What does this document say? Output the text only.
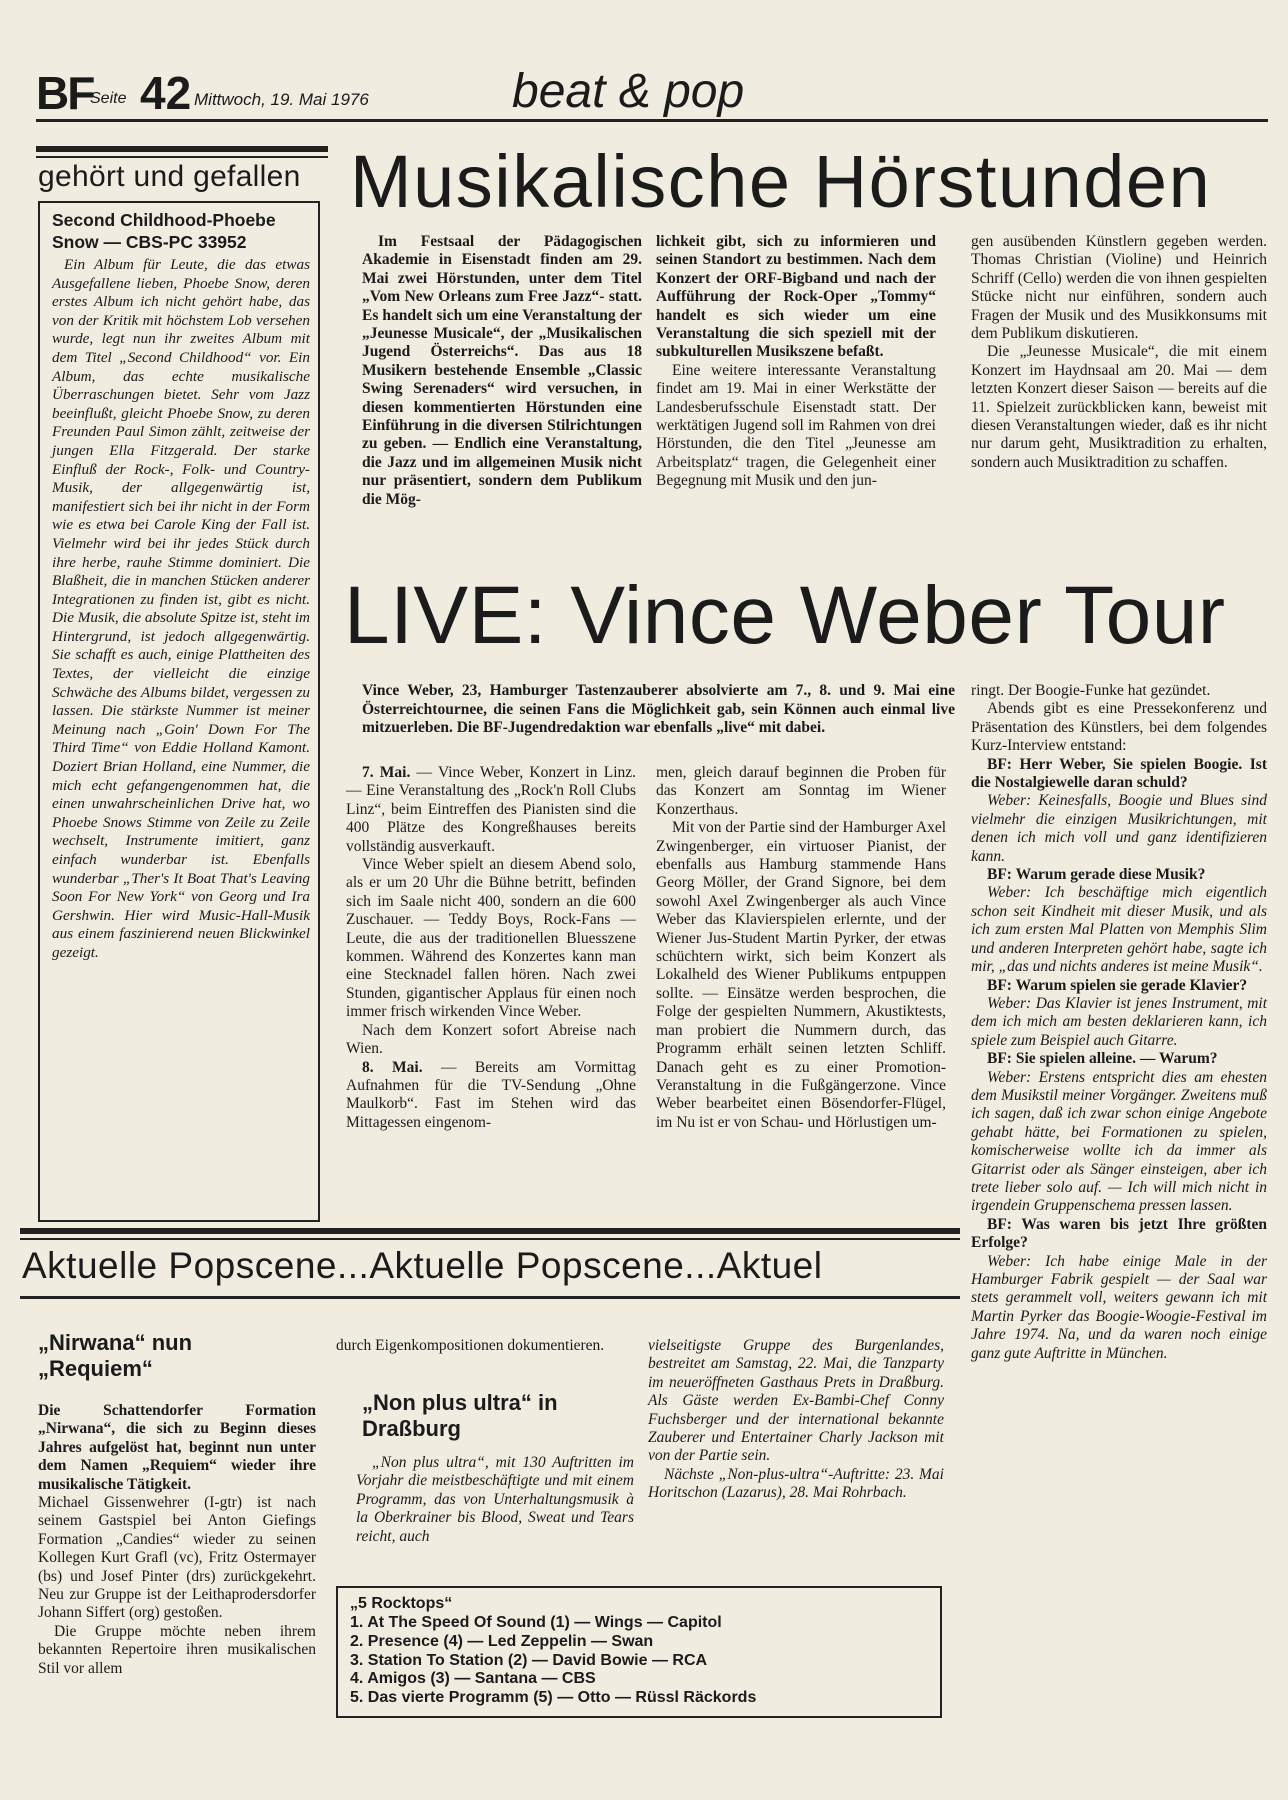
BF
Seite 42 Mittwoch, 19. Mai 1976	beat & pop
gehört und gefallen
Second Childhood-Phoebe Snow — CBS-PC 33952

Ein Album für Leute, die das etwas Ausgefallene lieben, Phoebe Snow, deren erstes Album ich nicht gehört habe, das von der Kritik mit höchstem Lob versehen wurde, legt nun ihr zweites Album mit dem Titel „Second Childhood“ vor. Ein Album, das echte musikalische Überraschungen bietet. Sehr vom Jazz beeinflußt, gleicht Phoebe Snow, zu deren Freunden Paul Simon zählt, zeitweise der jungen Ella Fitzgerald. Der starke Einfluß der Rock-, Folk- und Country-Musik, der allgegenwärtig ist, manifestiert sich bei ihr nicht in der Form wie es etwa bei Carole King der Fall ist. Vielmehr wird bei ihr jedes Stück durch ihre herbe, rauhe Stimme dominiert. Die Blaßheit, die in manchen Stücken anderer Integrationen zu finden ist, gibt es nicht. Die Musik, die absolute Spitze ist, steht im Hintergrund, ist jedoch allgegenwärtig. Sie schafft es auch, einige Plattheiten des Textes, der vielleicht die einzige Schwäche des Albums bildet, vergessen zu lassen. Die stärkste Nummer ist meiner Meinung nach „Goin' Down For The Third Time“ von Eddie Holland Kamont. Doziert Brian Holland, eine Nummer, die mich echt gefangengenommen hat, die einen unwahrscheinlichen Drive hat, wo Phoebe Snows Stimme von Zeile zu Zeile wechselt, Instrumente imitiert, ganz einfach wunderbar ist. Ebenfalls wunderbar „Ther's It Boat That's Leaving Soon For New York“ von Georg und Ira Gershwin. Hier wird Music-Hall-Musik aus einem faszinierend neuen Blickwinkel gezeigt.

Musikalische Hörstunden

Im Festsaal der Pädagogischen Akademie in Eisenstadt finden am 29. Mai zwei Hörstunden, unter dem Titel „Vom New Orleans zum Free Jazz“- statt. Es handelt sich um eine Veranstaltung der „Jeunesse Musicale“, der „Musikalischen Jugend Österreichs“. Das aus 18 Musikern bestehende Ensemble „Classic Swing Serenaders“ wird versuchen, in diesen kommentierten Hörstunden eine Einführung in die diversen Stilrichtungen zu geben. — Endlich eine Veranstaltung, die Jazz und im allgemeinen Musik nicht nur präsentiert, sondern dem Publikum die Mög-

lichkeit gibt, sich zu informieren und seinen Standort zu bestimmen. Nach dem Konzert der ORF-Bigband und nach der Aufführung der Rock-Oper „Tommy“ handelt es sich wieder um eine Veranstaltung die sich speziell mit der subkulturellen Musikszene befaßt.

Eine weitere interessante Veranstaltung findet am 19. Mai in einer Werkstätte der Landesberufsschule Eisenstadt statt. Der werktätigen Jugend soll im Rahmen von drei Hörstunden, die den Titel „Jeunesse am Arbeitsplatz“ tragen, die Gelegenheit einer Begegnung mit Musik und den jun-

gen ausübenden Künstlern gegeben werden. Thomas Christian (Violine) und Heinrich Schriff (Cello) werden die von ihnen gespielten Stücke nicht nur einführen, sondern auch Fragen der Musik und des Musikkonsums mit dem Publikum diskutieren.

Die „Jeunesse Musicale“, die mit einem Konzert im Haydnsaal am 20. Mai — dem letzten Konzert dieser Saison — bereits auf die 11. Spielzeit zurückblicken kann, beweist mit diesen Veranstaltungen wieder, daß es ihr nicht nur darum geht, Musiktradition zu erhalten, sondern auch Musiktradition zu schaffen.

LIVE: Vince Weber Tour
Vince Weber, 23, Hamburger Tastenzauberer absolvierte am 7., 8. und 9. Mai eine Österreichtournee, die seinen Fans die Möglichkeit gab, sein Können auch einmal live mitzuerleben. Die BF-Jugendredaktion war ebenfalls „live“ mit dabei.

7. Mai. — Vince Weber, Konzert in Linz. — Eine Veranstaltung des „Rock'n Roll Clubs Linz“, beim Eintreffen des Pianisten sind die 400 Plätze des Kongreßhauses bereits vollständig ausverkauft.

Vince Weber spielt an diesem Abend solo, als er um 20 Uhr die Bühne betritt, befinden sich im Saale nicht 400, sondern an die 600 Zuschauer. — Teddy Boys, Rock-Fans — Leute, die aus der traditionellen Bluesszene kommen. Während des Konzertes kann man eine Stecknadel fallen hören. Nach zwei Stunden, gigantischer Applaus für einen noch immer frisch wirkenden Vince Weber.

Nach dem Konzert sofort Abreise nach Wien.

8. Mai. — Bereits am Vormittag Aufnahmen für die TV-Sendung „Ohne Maulkorb“. Fast im Stehen wird das Mittagessen eingenom-

men, gleich darauf beginnen die Proben für das Konzert am Sonntag im Wiener Konzerthaus.

Mit von der Partie sind der Hamburger Axel Zwingenberger, ein virtuoser Pianist, der ebenfalls aus Hamburg stammende Hans Georg Möller, der Grand Signore, bei dem sowohl Axel Zwingenberger als auch Vince Weber das Klavierspielen erlernte, und der Wiener Jus-Student Martin Pyrker, der etwas schüchtern wirkt, sich beim Konzert als Lokalheld des Wiener Publikums entpuppen sollte. — Einsätze werden besprochen, die Folge der gespielten Nummern, Akustiktests, man probiert die Nummern durch, das Programm erhält seinen letzten Schliff. Danach geht es zu einer Promotion-Veranstaltung in die Fußgängerzone. Vince Weber bearbeitet einen Bösendorfer-Flügel, im Nu ist er von Schau- und Hörlustigen um-

ringt. Der Boogie-Funke hat gezündet.

Abends gibt es eine Pressekonferenz und Präsentation des Künstlers, bei dem folgendes Kurz-Interview entstand:

BF: Herr Weber, Sie spielen Boogie. Ist die Nostalgiewelle daran schuld?

Weber: Keinesfalls, Boogie und Blues sind vielmehr die einzigen Musikrichtungen, mit denen ich mich voll und ganz identifizieren kann.

BF: Warum gerade diese Musik?

Weber: Ich beschäftige mich eigentlich schon seit Kindheit mit dieser Musik, und als ich zum ersten Mal Platten von Memphis Slim und anderen Interpreten gehört habe, sagte ich mir, „das und nichts anderes ist meine Musik“.

BF: Warum spielen sie gerade Klavier?

Weber: Das Klavier ist jenes Instrument, mit dem ich mich am besten deklarieren kann, ich spiele zum Beispiel auch Gitarre.

BF: Sie spielen alleine. — Warum?

Weber: Erstens entspricht dies am ehesten dem Musikstil meiner Vorgänger. Zweitens muß ich sagen, daß ich zwar schon einige Angebote gehabt hätte, bei Formationen zu spielen, komischerweise wollte ich da immer als Gitarrist oder als Sänger einsteigen, aber ich trete lieber solo auf. — Ich will mich nicht in irgendein Gruppenschema pressen lassen.

BF: Was waren bis jetzt Ihre größten Erfolge?

Weber: Ich habe einige Male in der Hamburger Fabrik gespielt — der Saal war stets gerammelt voll, weiters gewann ich mit Martin Pyrker das Boogie-Woogie-Festival im Jahre 1974. Na, und da waren noch einige ganz gute Auftritte in München.

Aktuelle Popscene...Aktuelle Popscene...Aktuel
„Nirwana“ nun „Requiem“

Die Schattendorfer Formation „Nirwana“, die sich zu Beginn dieses Jahres aufgelöst hat, beginnt nun unter dem Namen „Requiem“ wieder ihre musikalische Tätigkeit.

Michael Gissenwehrer (I-gtr) ist nach seinem Gastspiel bei Anton Giefings Formation „Candies“ wieder zu seinen Kollegen Kurt Grafl (vc), Fritz Ostermayer (bs) und Josef Pinter (drs) zurückgekehrt. Neu zur Gruppe ist der Leithaprodersdorfer Johann Siffert (org) gestoßen.

Die Gruppe möchte neben ihrem bekannten Repertoire ihren musikalischen Stil vor allem

durch Eigenkompositionen dokumentieren.

„Non plus ultra“ in Draßburg

„Non plus ultra“, mit 130 Auftritten im Vorjahr die meistbeschäftigte und mit einem Programm, das von Unterhaltungsmusik à la Oberkrainer bis Blood, Sweat und Tears reicht, auch

vielseitigste Gruppe des Burgenlandes, bestreitet am Samstag, 22. Mai, die Tanzparty im neueröffneten Gasthaus Prets in Draßburg. Als Gäste werden Ex-Bambi-Chef Conny Fuchsberger und der international bekannte Zauberer und Entertainer Charly Jackson mit von der Partie sein.

Nächste „Non-plus-ultra“-Auftritte: 23. Mai Horitschon (Lazarus), 28. Mai Rohrbach.

„5 Rocktops“
1. At The Speed Of Sound (1) — Wings — Capitol
2. Presence (4) — Led Zeppelin — Swan
3. Station To Station (2) — David Bowie — RCA
4. Amigos (3) — Santana — CBS
5. Das vierte Programm (5) — Otto — Rüssl Räckords
